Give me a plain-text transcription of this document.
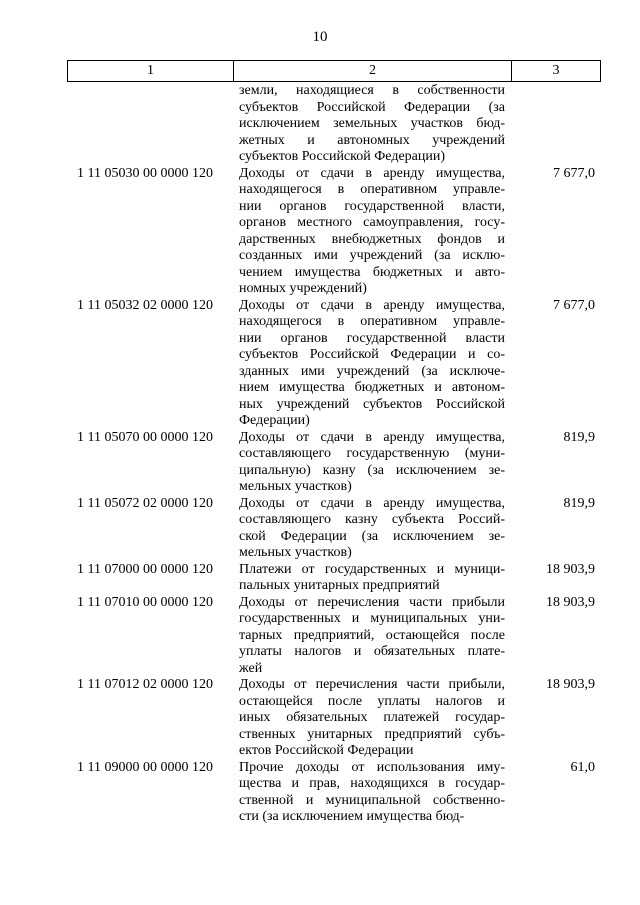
10
1	2	3
земли, находящиеся в собственности
субъектов Российской Федерации (за
исключением земельных участков бюд-
жетных и автономных учреждений
субъектов Российской Федерации)
1 11 05030 00 0000 120	Доходы от сдачи в аренду имущества,
находящегося в оперативном управле-
нии органов государственной власти,
органов местного самоуправления, госу-
дарственных внебюджетных фондов и
созданных ими учреждений (за исклю-
чением имущества бюджетных и авто-
номных учреждений)
7 677,0
1 11 05032 02 0000 120	Доходы от сдачи в аренду имущества,
находящегося в оперативном управле-
нии органов государственной власти
субъектов Российской Федерации и со-
зданных ими учреждений (за исключе-
нием имущества бюджетных и автоном-
ных учреждений субъектов Российской
Федерации)
7 677,0
1 11 05070 00 0000 120	Доходы от сдачи в аренду имущества,
составляющего государственную (муни-
ципальную) казну (за исключением зе-
мельных участков)
819,9
1 11 05072 02 0000 120	Доходы от сдачи в аренду имущества,
составляющего казну субъекта Россий-
ской Федерации (за исключением зе-
мельных участков)
819,9
1 11 07000 00 0000 120	Платежи от государственных и муници-
пальных унитарных предприятий
18 903,9
1 11 07010 00 0000 120	Доходы от перечисления части прибыли
государственных и муниципальных уни-
тарных предприятий, остающейся после
уплаты налогов и обязательных плате-
жей
18 903,9
1 11 07012 02 0000 120	Доходы от перечисления части прибыли,
остающейся после уплаты налогов и
иных обязательных платежей государ-
ственных унитарных предприятий субъ-
ектов Российской Федерации
18 903,9
1 11 09000 00 0000 120	Прочие доходы от использования иму-
щества и прав, находящихся в государ-
ственной и муниципальной собственно-
сти (за исключением имущества бюд-
61,0
